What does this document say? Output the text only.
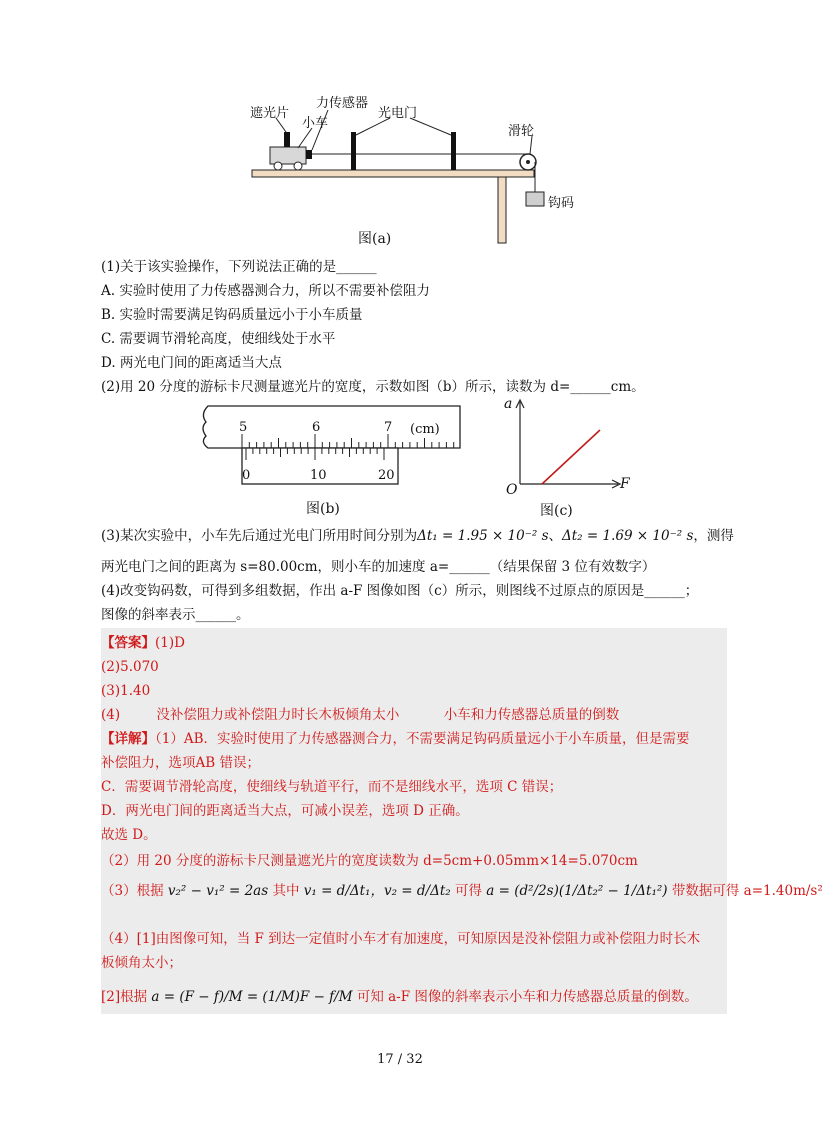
遮光片
力传感器
小车
光电门
滑轮
钩码
图(a)
(1)关于该实验操作，下列说法正确的是______
A. 实验时使用了力传感器测合力，所以不需要补偿阻力
B. 实验时需要满足钩码质量远小于小车质量
C. 需要调节滑轮高度，使细线处于水平
D. 两光电门间的距离适当大点
(2)用 20 分度的游标卡尺测量遮光片的宽度，示数如图（b）所示，读数为 d=______cm。
5	6	7 (cm)
0	10	20
图(b)
a
F
O
图(c)
(3)某次实验中，小车先后通过光电门所用时间分别为Δt₁ = 1.95 × 10⁻² s、Δt₂ = 1.69 × 10⁻² s，测得
两光电门之间的距离为 s=80.00cm，则小车的加速度 a=______（结果保留 3 位有效数字）
(4)改变钩码数，可得到多组数据，作出 a-F 图像如图（c）所示，则图线不过原点的原因是______；
图像的斜率表示______。
【答案】(1)D
(2)5.070
(3)1.40
(4)	没补偿阻力或补偿阻力时长木板倾角太小	小车和力传感器总质量的倒数
【详解】（1）AB．实验时使用了力传感器测合力，不需要满足钩码质量远小于小车质量，但是需要
补偿阻力，选项AB 错误；
C．需要调节滑轮高度，使细线与轨道平行，而不是细线水平，选项 C 错误；
D．两光电门间的距离适当大点，可减小误差，选项 D 正确。
故选 D。
（2）用 20 分度的游标卡尺测量遮光片的宽度读数为 d=5cm+0.05mm×14=5.070cm
（3）根据 v₂² − v₁² = 2as 其中 v₁ = d/Δt₁，v₂ = d/Δt₂ 可得 a = (d²/2s)(1/Δt₂² − 1/Δt₁²) 带数据可得 a=1.40m/s²
（4）[1]由图像可知，当 F 到达一定值时小车才有加速度，可知原因是没补偿阻力或补偿阻力时长木
板倾角太小；
[2]根据 a = (F − f)/M = (1/M)F − f/M 可知 a-F 图像的斜率表示小车和力传感器总质量的倒数。
17 / 32
